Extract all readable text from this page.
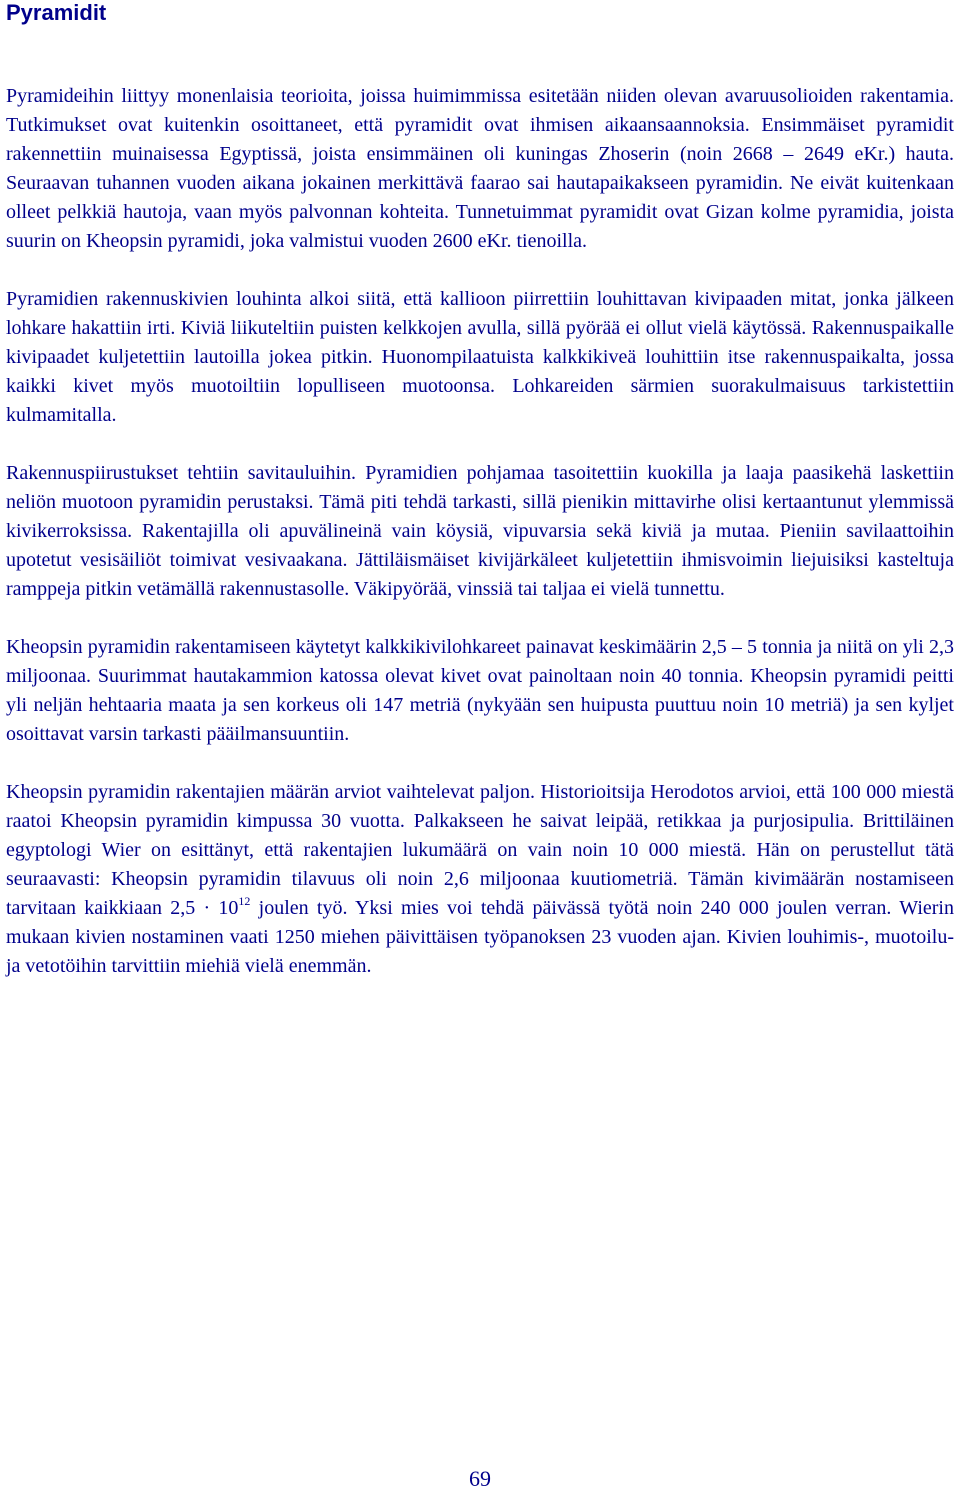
Pyramidit

Pyramideihin liittyy monenlaisia teorioita, joissa huimimmissa esitetään niiden olevan avaruusolioiden rakentamia. Tutkimukset ovat kuitenkin osoittaneet, että pyramidit ovat ihmisen aikaansaannoksia. Ensimmäiset pyramidit rakennettiin muinaisessa Egyptissä, joista ensimmäinen oli kuningas Zhoserin (noin 2668 – 2649 eKr.) hauta. Seuraavan tuhannen vuoden aikana jokainen merkittävä faarao sai hautapaikakseen pyramidin. Ne eivät kuitenkaan olleet pelkkiä hautoja, vaan myös palvonnan kohteita. Tunnetuimmat pyramidit ovat Gizan kolme pyramidia, joista suurin on Kheopsin pyramidi, joka valmistui vuoden 2600 eKr. tienoilla.

Pyramidien rakennuskivien louhinta alkoi siitä, että kallioon piirrettiin louhittavan kivipaaden mitat, jonka jälkeen lohkare hakattiin irti. Kiviä liikuteltiin puisten kelkkojen avulla, sillä pyörää ei ollut vielä käytössä. Rakennuspaikalle kivipaadet kuljetettiin lautoilla jokea pitkin. Huonompilaatuista kalkkikiveä louhittiin itse rakennuspaikalta, jossa kaikki kivet myös muotoiltiin lopulliseen muotoonsa. Lohkareiden särmien suorakulmaisuus tarkistettiin kulmamitalla.

Rakennuspiirustukset tehtiin savitauluihin. Pyramidien pohjamaa tasoitettiin kuokilla ja laaja paasikehä laskettiin neliön muotoon pyramidin perustaksi. Tämä piti tehdä tarkasti, sillä pienikin mittavirhe olisi kertaantunut ylemmissä kivikerroksissa. Rakentajilla oli apuvälineinä vain köysiä, vipuvarsia sekä kiviä ja mutaa. Pieniin savilaattoihin upotetut vesisäiliöt toimivat vesivaakana. Jättiläismäiset kivijärkäleet kuljetettiin ihmisvoimin liejuisiksi kasteltuja ramppeja pitkin vetämällä rakennustasolle. Väkipyörää, vinssiä tai taljaa ei vielä tunnettu.

Kheopsin pyramidin rakentamiseen käytetyt kalkkikivilohkareet painavat keskimäärin 2,5 – 5 tonnia ja niitä on yli 2,3 miljoonaa. Suurimmat hautakammion katossa olevat kivet ovat painoltaan noin 40 tonnia. Kheopsin pyramidi peitti yli neljän hehtaaria maata ja sen korkeus oli 147 metriä (nykyään sen huipusta puuttuu noin 10 metriä) ja sen kyljet osoittavat varsin tarkasti pääilmansuuntiin.

Kheopsin pyramidin rakentajien määrän arviot vaihtelevat paljon. Historioitsija Herodotos arvioi, että 100 000 miestä raatoi Kheopsin pyramidin kimpussa 30 vuotta. Palkakseen he saivat leipää, retikkaa ja purjosipulia. Brittiläinen egyptologi Wier on esittänyt, että rakentajien lukumäärä on vain noin 10 000 miestä. Hän on perustellut tätä seuraavasti: Kheopsin pyramidin tilavuus oli noin 2,6 miljoonaa kuutiometriä. Tämän kivimäärän nostamiseen tarvitaan kaikkiaan $2,5 \cdot 10^{12}$ joulen työ. Yksi mies voi tehdä päivässä työtä noin 240 000 joulen verran. Wierin mukaan kivien nostaminen vaati 1250 miehen päivittäisen työpanoksen 23 vuoden ajan. Kivien louhimis-, muotoilu- ja vetotöihin tarvittiin miehiä vielä enemmän.

69
